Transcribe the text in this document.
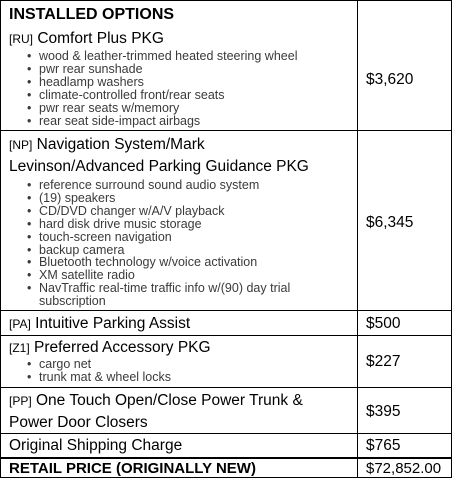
INSTALLED OPTIONS
[RU] Comfort Plus PKG
• wood & leather-trimmed heated steering wheel
• pwr rear sunshade
• headlamp washers
• climate-controlled front/rear seats
• pwr rear seats w/memory
• rear seat side-impact airbags
$3,620
[NP] Navigation System/Mark
Levinson/Advanced Parking Guidance PKG
• reference surround sound audio system
• (19) speakers
• CD/DVD changer w/A/V playback
• hard disk drive music storage
• touch-screen navigation
• backup camera
• Bluetooth technology w/voice activation
• XM satellite radio
• NavTraffic real-time traffic info w/(90) day trial subscription
$6,345
[PA] Intuitive Parking Assist	$500
[Z1] Preferred Accessory PKG
• cargo net
• trunk mat & wheel locks
$227
[PP] One Touch Open/Close Power Trunk &
Power Door Closers
$395
Original Shipping Charge	$765
RETAIL PRICE (ORIGINALLY NEW)	$72,852.00
